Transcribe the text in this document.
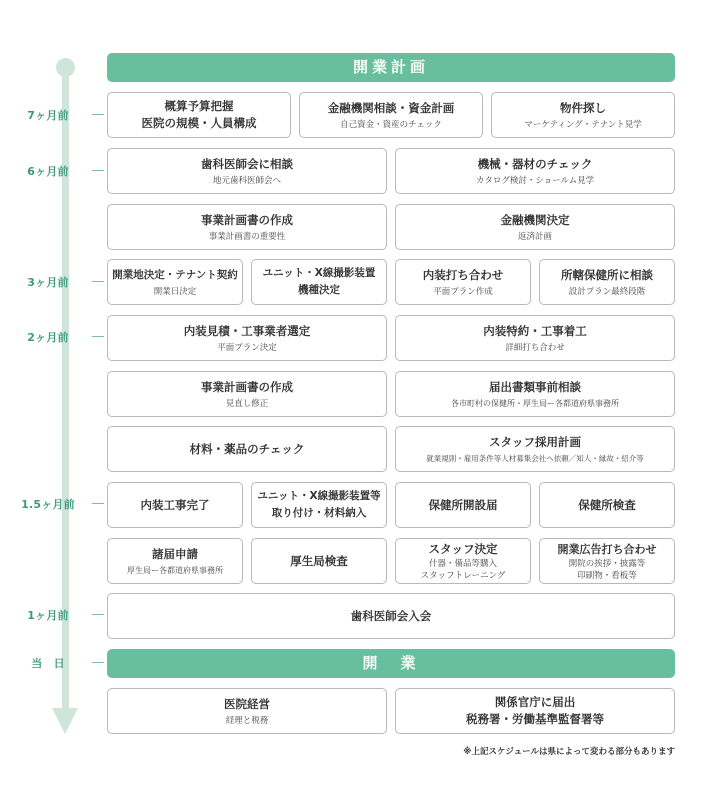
7ヶ月前
6ヶ月前
3ヶ月前
2ヶ月前
1.5ヶ月前
1ヶ月前
当　日
開業計画
開　業
概算予算把握
医院の規模・人員構成
金融機関相談・資金計画
自己資金・資産のチェック
物件探し
マーケティング・テナント見学
歯科医師会に相談
地元歯科医師会へ
機械・器材のチェック
カタログ検討・ショールム見学
事業計画書の作成
事業計画書の重要性
金融機関決定
返済計画
開業地決定・テナント契約
開業日決定
ユニット・X線撮影装置
機種決定
内装打ち合わせ
平面プラン作成
所轄保健所に相談
設計プラン最終段階
内装見積・工事業者選定
平面プラン決定
内装特約・工事着工
詳細打ち合わせ
事業計画書の作成
見直し修正
届出書類事前相談
各市町村の保健所・厚生局ー各都道府県事務所
材料・薬品のチェック	スタッフ採用計画
就業規則・雇用条件等人材募集会社へ依頼／知人・縁故・紹介等
内装工事完了
ユニット・X線撮影装置等
取り付け・材料納入
保健所開設届	保健所検査
諸届申請
厚生局ー各都道府県事務所
厚生局検査
スタッフ決定
什器・備品等購入
スタッフトレーニング
開業広告打ち合わせ
開院の挨拶・披露等
印刷物・看板等
歯科医師会入会
医院経営
経理と税務
関係官庁に届出
税務署・労働基準監督署等
※上記スケジュールは県によって変わる部分もあります
